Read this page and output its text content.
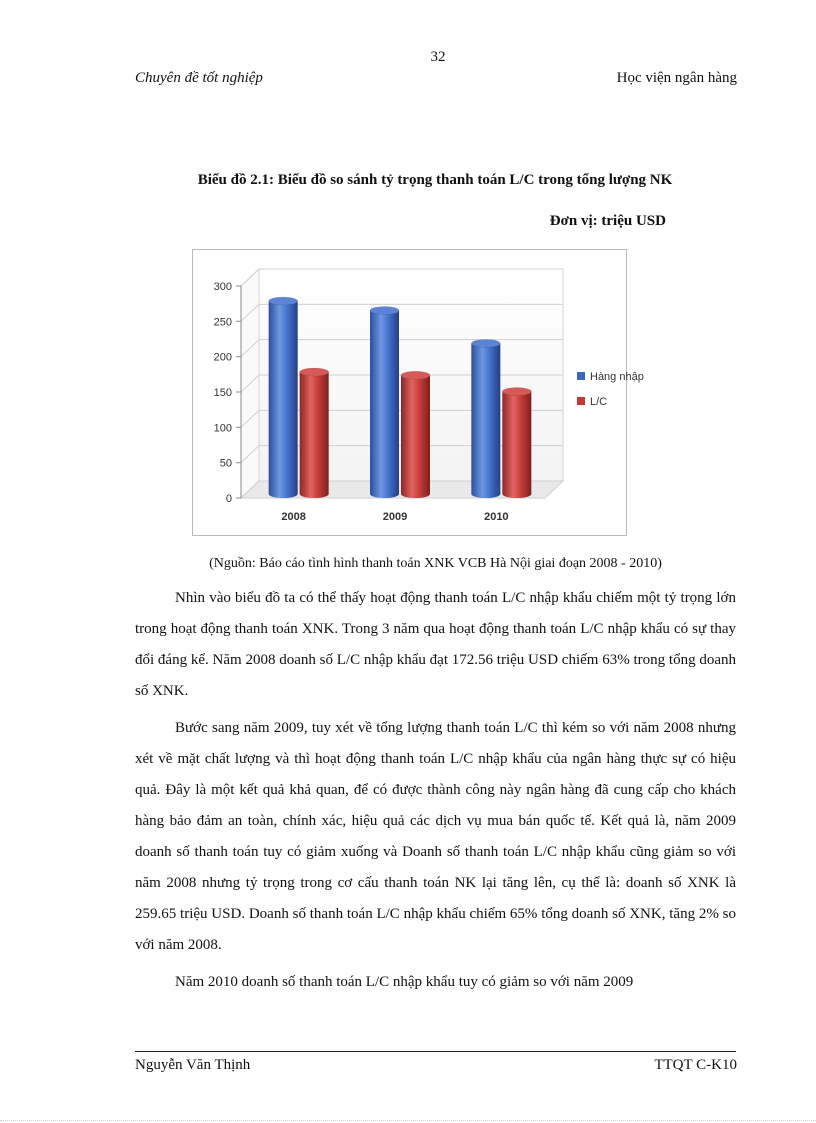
32
Chuyên đề tốt nghiệp	Học viện ngân hàng
Biểu đồ 2.1: Biểu đồ so sánh tỷ trọng thanh toán L/C trong tổng lượng NK
Đơn vị: triệu USD
0
50
100
150
200
250
300
2008	2009	2010
Hàng nhập
L/C
(Nguồn: Báo cáo tình hình thanh toán XNK VCB Hà Nội giai đoạn 2008 - 2010)

Nhìn vào biểu đồ ta có thể thấy hoạt động thanh toán L/C nhập khẩu chiếm một tỷ trọng lớn trong hoạt động thanh toán XNK. Trong 3 năm qua hoạt động thanh toán L/C nhập khẩu có sự thay đổi đáng kể. Năm 2008 doanh số L/C nhập khẩu đạt 172.56 triệu USD chiếm 63% trong tổng doanh số XNK.

Bước sang năm 2009, tuy xét về tổng lượng thanh toán L/C thì kém so với năm 2008 nhưng xét về mặt chất lượng và thì hoạt động thanh toán L/C nhập khẩu của ngân hàng thực sự có hiệu quả. Đây là một kết quả khả quan, để có được thành công này ngân hàng đã cung cấp cho khách hàng bảo đảm an toàn, chính xác, hiệu quả các dịch vụ mua bán quốc tế. Kết quả là, năm 2009 doanh số thanh toán tuy có giảm xuống và Doanh số thanh toán L/C nhập khẩu cũng giảm so với năm 2008 nhưng tỷ trọng trong cơ cấu thanh toán NK lại tăng lên, cụ thể là: doanh số XNK là 259.65 triệu USD. Doanh số thanh toán L/C nhập khẩu chiếm 65% tổng doanh số XNK, tăng 2% so với năm 2008.

Năm 2010 doanh số thanh toán L/C nhập khẩu tuy có giảm so với năm 2009

Nguyễn Văn Thịnh	TTQT C-K10
